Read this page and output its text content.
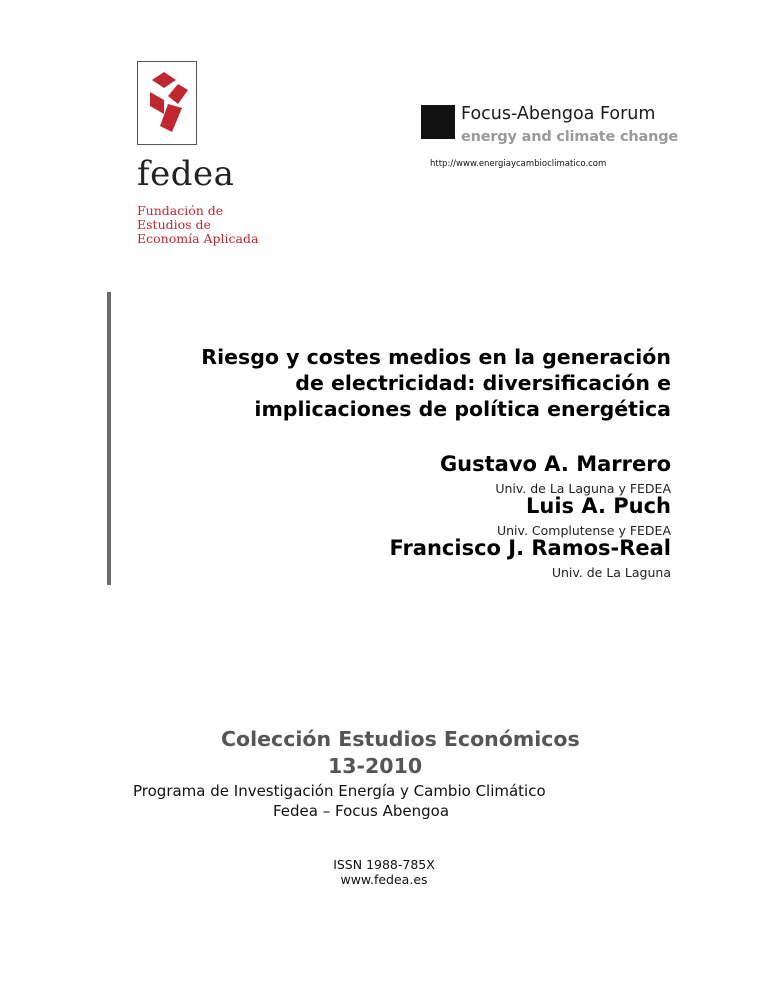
fedea
Fundación de
Estudios de
Economía Aplicada
Focus-Abengoa Forum
energy and climate change
http://www.energiaycambioclimatico.com
Riesgo y costes medios en la generación
de electricidad: diversificación e
implicaciones de política energética
Gustavo A. Marrero
Univ. de La Laguna y FEDEA
Luis A. Puch
Univ. Complutense y FEDEA
Francisco J. Ramos-Real
Univ. de La Laguna
Colección Estudios Económicos
13-2010
Programa de Investigación Energía y Cambio Climático
Fedea – Focus Abengoa
ISSN 1988-785X
www.fedea.es
